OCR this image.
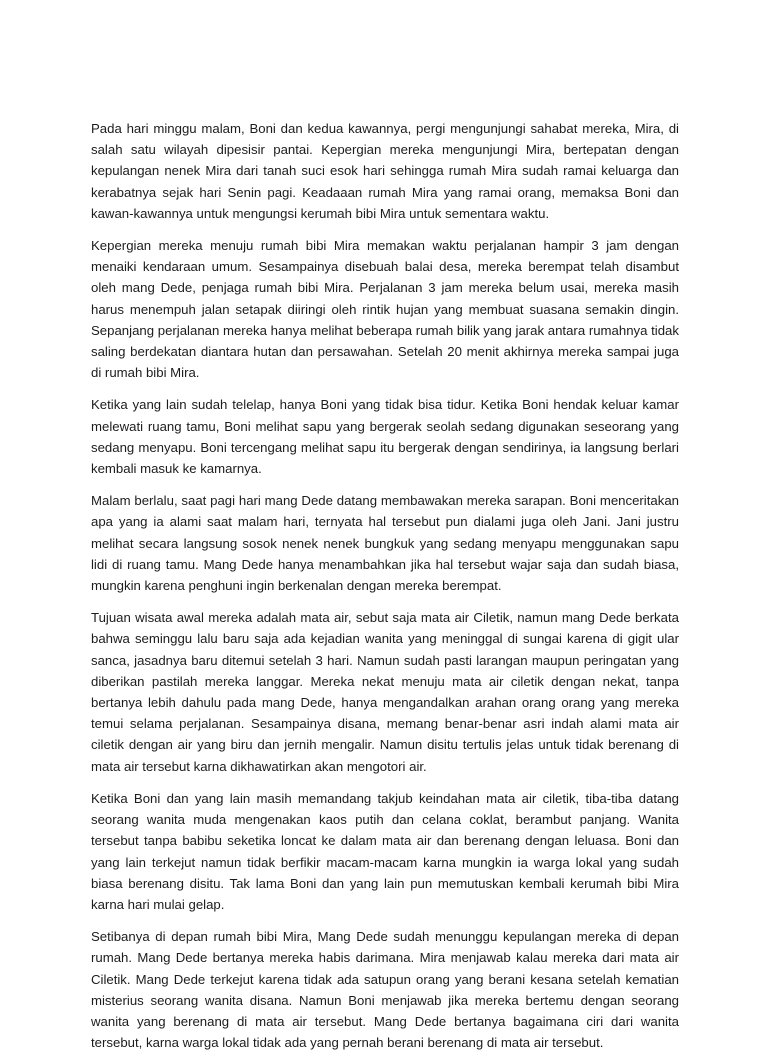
Pada hari minggu malam, Boni dan kedua kawannya, pergi mengunjungi sahabat mereka, Mira, di salah satu wilayah dipesisir pantai. Kepergian mereka mengunjungi Mira, bertepatan dengan kepulangan nenek Mira dari tanah suci esok hari sehingga rumah Mira sudah ramai keluarga dan kerabatnya sejak hari Senin pagi. Keadaaan rumah Mira yang ramai orang, memaksa Boni dan kawan-kawannya untuk mengungsi kerumah bibi Mira untuk sementara waktu.

Kepergian mereka menuju rumah bibi Mira memakan waktu perjalanan hampir 3 jam dengan menaiki kendaraan umum. Sesampainya disebuah balai desa, mereka berempat telah disambut oleh mang Dede, penjaga rumah bibi Mira. Perjalanan 3 jam mereka belum usai, mereka masih harus menempuh jalan setapak diiringi oleh rintik hujan yang membuat suasana semakin dingin. Sepanjang perjalanan mereka hanya melihat beberapa rumah bilik yang jarak antara rumahnya tidak saling berdekatan diantara hutan dan persawahan. Setelah 20 menit akhirnya mereka sampai juga di rumah bibi Mira.

Ketika yang lain sudah telelap, hanya Boni yang tidak bisa tidur. Ketika Boni hendak keluar kamar melewati ruang tamu, Boni melihat sapu yang bergerak seolah sedang digunakan seseorang yang sedang menyapu. Boni tercengang melihat sapu itu bergerak dengan sendirinya, ia langsung berlari kembali masuk ke kamarnya.

Malam berlalu, saat pagi hari mang Dede datang membawakan mereka sarapan. Boni menceritakan apa yang ia alami saat malam hari, ternyata hal tersebut pun dialami juga oleh Jani. Jani justru melihat secara langsung sosok nenek nenek bungkuk yang sedang menyapu menggunakan sapu lidi di ruang tamu. Mang Dede hanya menambahkan jika hal tersebut wajar saja dan sudah biasa, mungkin karena penghuni ingin berkenalan dengan mereka berempat.

Tujuan wisata awal mereka adalah mata air, sebut saja mata air Ciletik, namun mang Dede berkata bahwa seminggu lalu baru saja ada kejadian wanita yang meninggal di sungai karena di gigit ular sanca, jasadnya baru ditemui setelah 3 hari. Namun sudah pasti larangan maupun peringatan yang diberikan pastilah mereka langgar. Mereka nekat menuju mata air ciletik dengan nekat, tanpa bertanya lebih dahulu pada mang Dede, hanya mengandalkan arahan orang orang yang mereka temui selama perjalanan. Sesampainya disana, memang benar-benar asri indah alami mata air ciletik dengan air yang biru dan jernih mengalir. Namun disitu tertulis jelas untuk tidak berenang di mata air tersebut karna dikhawatirkan akan mengotori air.

Ketika Boni dan yang lain masih memandang takjub keindahan mata air ciletik, tiba-tiba datang seorang wanita muda mengenakan kaos putih dan celana coklat, berambut panjang. Wanita tersebut tanpa babibu seketika loncat ke dalam mata air dan berenang dengan leluasa. Boni dan yang lain terkejut namun tidak berfikir macam-macam karna mungkin ia warga lokal yang sudah biasa berenang disitu. Tak lama Boni dan yang lain pun memutuskan kembali kerumah bibi Mira karna hari mulai gelap.

Setibanya di depan rumah bibi Mira, Mang Dede sudah menunggu kepulangan mereka di depan rumah. Mang Dede bertanya mereka habis darimana. Mira menjawab kalau mereka dari mata air Ciletik. Mang Dede terkejut karena tidak ada satupun orang yang berani kesana setelah kematian misterius seorang wanita disana. Namun Boni menjawab jika mereka bertemu dengan seorang wanita yang berenang di mata air tersebut. Mang Dede bertanya bagaimana ciri dari wanita tersebut, karna warga lokal tidak ada yang pernah berani berenang di mata air tersebut.
